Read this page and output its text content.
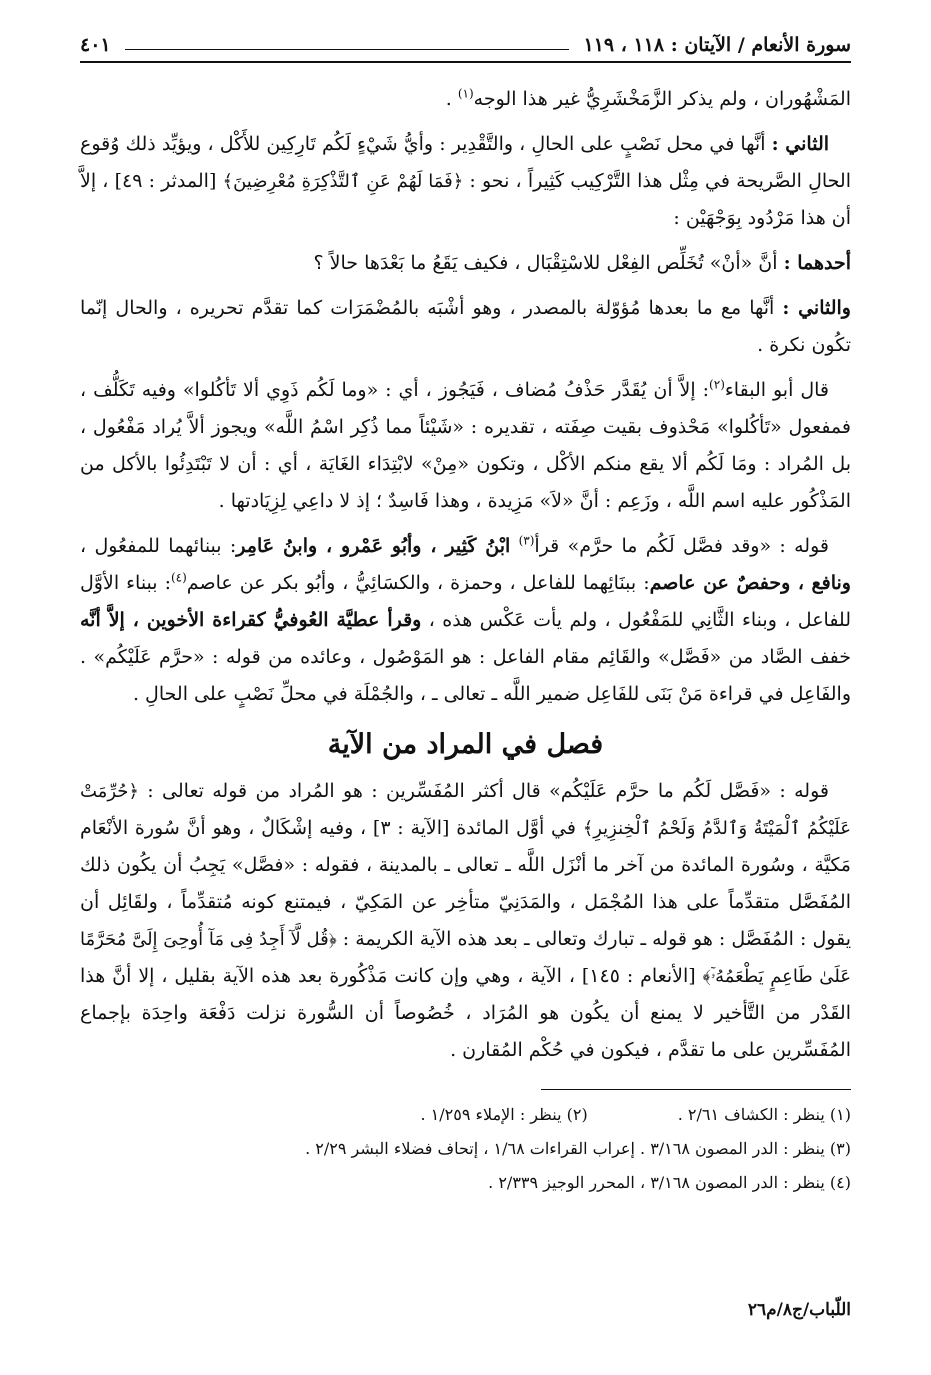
سورة الأنعام / الآيتان : ١١٨ ، ١١٩
٤٠١

المَشْهُوران ، ولم يذكر الزَّمَخْشَرِيُّ غير هذا الوجه$^{(١)}$ .

الثاني : أنَّها في محل نَصْبٍ على الحالِ ، والتَّقْدِير : وأيُّ شَيْءٍ لَكُم تَارِكِين للأَكْل ، ويؤيِّد ذلك وُقوع الحالِ الصَّريحة في مِثْل هذا التَّرْكِيب كَثِيراً ، نحو : ﴿فَمَا لَهُمْ عَنِ ٱلتَّذْكِرَةِ مُعْرِضِينَ﴾ [المدثر : ٤٩] ، إلاَّ أن هذا مَرْدُود بِوَجْهَيْن :

أحدهما : أنَّ «أنْ» تُخَلِّص الفِعْل للاسْتِقْبَال ، فكيف يَقَعُ ما بَعْدَها حالاً ؟

والثاني : أنَّها مع ما بعدها مُؤوّلة بالمصدر ، وهو أشْبَه بالمُضْمَرَات كما تقدَّم تحريره ، والحال إنّما تكُون نكرة .

قال أبو البقاء$^{(٢)}$: إلاَّ أن يُقَدَّر حَذْفُ مُضاف ، فَيَجُوز ، أي : «وما لَكُم ذَوِي ألا تَأكُلوا» وفيه تَكَلُّف ، فمفعول «تَأكُلوا» مَحْذوف بقيت صِفَته ، تقديره : «شَيْئاً مما ذُكِر اسْمُ اللَّه» ويجوز ألاَّ يُراد مَفْعُول ، بل المُراد : ومَا لَكُم ألا يقع منكم الأكْل ، وتكون «مِنْ» لابْتِدَاء الغَايَة ، أي : أن لا تَبْتَدِئُوا بالأكل من المَذْكُور عليه اسم اللَّه ، وزَعِم : أنَّ «لاَ» مَزِيدة ، وهذا فَاسِدٌ ؛ إذ لا داعِي لِزِيَادتها .

قوله : «وقد فصَّل لَكُم ما حرَّم» قرأ$^{(٣)}$ ابْنُ كَثِير ، وأبُو عَمْرو ، وابنُ عَامِر: ببنائهما للمفعُول ، ونافع ، وحفصٌ عن عاصم: ببنَائِهما للفاعل ، وحمزة ، والكسَائِيُّ ، وأبُو بكر عن عاصم$^{(٤)}$: ببناء الأوَّل للفاعل ، وبناء الثَّانِي للمَفْعُول ، ولم يأت عَكْس هذه ، وقرأ عطيَّة العُوفيُّ كقراءة الأخوين ، إلاَّ أنَّه خفف الصَّاد من «فَصَّل» والقَائِم مقام الفاعل : هو المَوْصُول ، وعائده من قوله : «حرَّم عَلَيْكُم» . والفَاعِل في قراءة مَنْ بَنَى للفَاعِل ضمير اللَّه ـ تعالى ـ ، والجُمْلَة في محلِّ نَصْبٍ على الحالِ .

فصل في المراد من الآية

قوله : «فَصَّل لَكُم ما حرَّم عَلَيْكُم» قال أكثر المُفَسِّرين : هو المُراد من قوله تعالى : ﴿حُرِّمَتْ عَلَيْكُمُ ٱلْمَيْتَةُ وَٱلدَّمُ وَلَحْمُ ٱلْخِنزِيرِ﴾ في أوَّل المائدة [الآية : ٣] ، وفيه إشْكَالٌ ، وهو أنَّ سُورة الأنْعَام مَكيَّة ، وسُورة المائدة من آخر ما أنْزَل اللَّه ـ تعالى ـ بالمدينة ، فقوله : «فصَّل» يَجِبُ أن يكُون ذلك المُفَصَّل متقدِّماً على هذا المُجْمَل ، والمَدَنِيّ متأخِر عن المَكِيّ ، فيمتنع كونه مُتقدِّماً ، ولقَائِل أن يقول : المُفَصَّل : هو قوله ـ تبارك وتعالى ـ بعد هذه الآية الكريمة : ﴿قُل لَّآ أَجِدُ فِى مَآ أُوحِىَ إِلَىَّ مُحَرَّمًا عَلَىٰ طَاعِمٍ يَطْعَمُهُۥٓ﴾ [الأنعام : ١٤٥] ، الآية ، وهي وإن كانت مَذْكُورة بعد هذه الآية بقليل ، إلا أنَّ هذا القَدْر من التَّأخير لا يمنع أن يكُون هو المُرَاد ، خُصُوصاً أن السُّورة نزلت دَفْعَة واحِدَة بإجماع المُفَسِّرين على ما تقدَّم ، فيكون في حُكْم المُقارن .

(١) ينظر : الكشاف ٢/٦١ .
(٢) ينظر : الإملاء ١/٢٥٩ .
(٣) ينظر : الدر المصون ٣/١٦٨ . إعراب القراءات ١/٦٨ ، إتحاف فضلاء البشر ٢/٢٩ .
(٤) ينظر : الدر المصون ٣/١٦٨ ، المحرر الوجيز ٢/٣٣٩ .
اللّباب/ج٨/م٢٦
